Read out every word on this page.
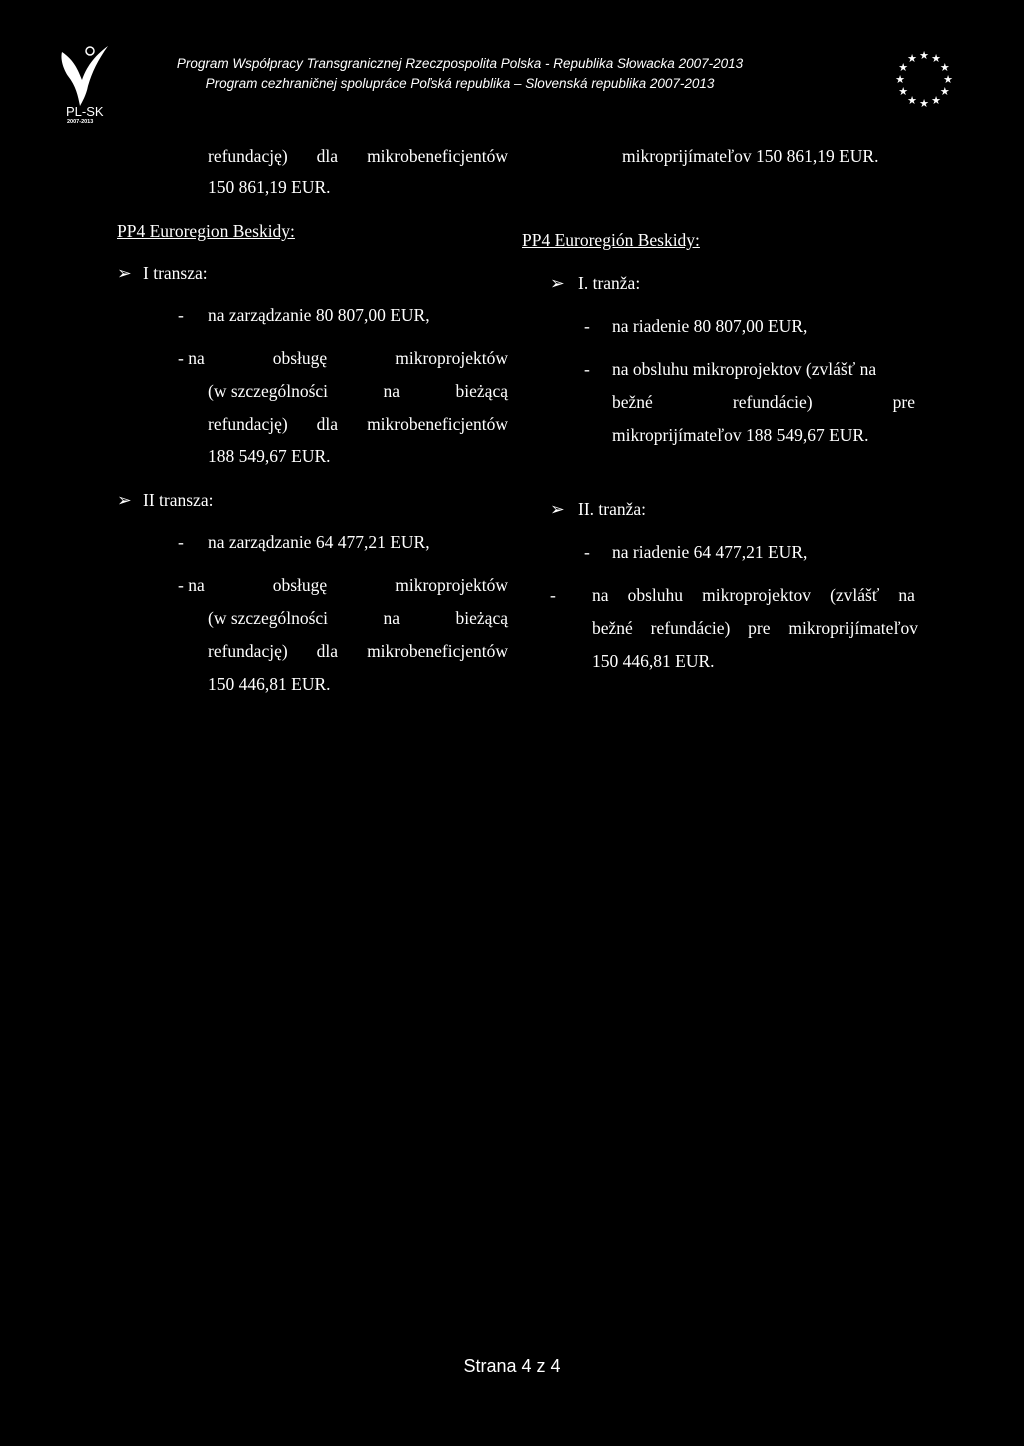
PL-SK
2007-2013
Program Współpracy Transgranicznej Rzeczpospolita Polska - Republika Słowacka 2007-2013
Program cezhraničnej spolupráce Poľská republika – Slovenská republika 2007-2013
★ ★
★
★
★
★
★
★
★
★
★
★
refundację) dla mikrobeneficjentów
150 861,19 EUR.
PP4 Euroregion Beskidy:
➢ I transza:
- na zarządzanie 80 807,00 EUR,
- na	obsługę	mikroprojektów
(w szczególności	na	bieżącą
refundację) dla mikrobeneficjentów
188 549,67 EUR.
➢ II transza:
- na zarządzanie 64 477,21 EUR,
- na	obsługę	mikroprojektów
(w szczególności	na	bieżącą
refundację) dla mikrobeneficjentów
150 446,81 EUR.
mikroprijímateľov 150 861,19 EUR.
PP4 Euroregión Beskidy:
➢ I. tranža:
- na riadenie 80 807,00 EUR,
- na obsluhu mikroprojektov (zvlášť na
bežné	refundácie)	pre
mikroprijímateľov 188 549,67 EUR.
➢ II. tranža:
- na riadenie 64 477,21 EUR,
- na obsluhu mikroprojektov (zvlášť na
bežné refundácie) pre mikroprijímateľov
150 446,81 EUR.
Strana 4 z 4
